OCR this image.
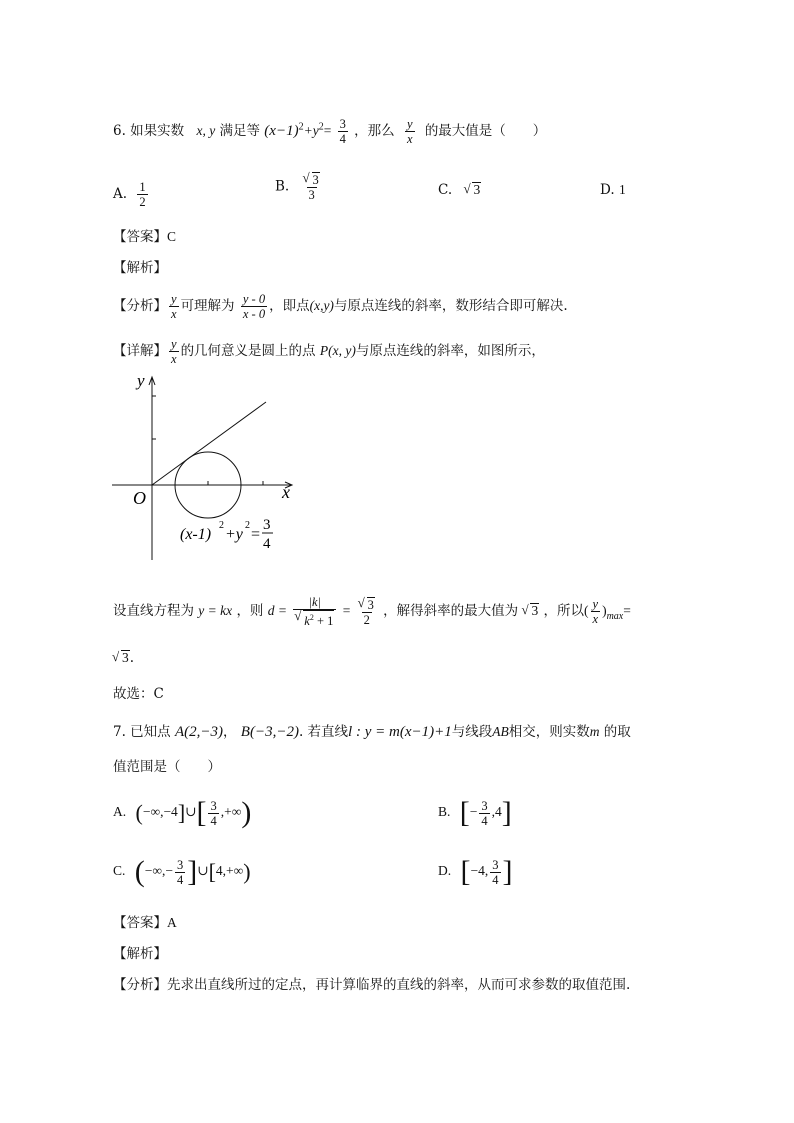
6. 如果实数 x, y 满足等 $(x-1)^2+y^2= \frac{3}{4}$ ，那么 $\frac{y}{x}$ 的最大值是（　　）
A. $\frac{1}{2}$	B. √ $\frac{3}{3}$	C. √ 3	D. 1
【答案】C
【解析】
【分析】 $\frac{y}{x}$ 可理解为 $\frac{y - 0}{x - 0}$ ，即点(x,y)与原点连线的斜率，数形结合即可解决.
【详解】 $\frac{y}{x}$ 的几何意义是圆上的点 P(x, y)与原点连线的斜率，如图所示，
y
x
O
(x-1)
2
+y
2
=
3
4
设直线方程为 y = kx ，则 d = |k|
√ $k^2 + 1$ = √ $\frac{3}{2}$ ，解得斜率的最大值为 √ 3 ，所以( $\frac{y}{x} )_{max}=$
√ 3.
故选：C
7. 已知点 A(2,−3)， B(−3,−2). 若直线l : y = m(x−1)+1与线段AB相交，则实数m 的取
值范围是（　　）
A. (−∞,−4]∪[ $\frac{3}{4}$ ,+∞)	B. [− $\frac{3}{4} ,4$]
C. (−∞,− $\frac{3}{4}$ ]∪[4,+∞)	D. [−4, $\frac{3}{4}$ ]
【答案】A
【解析】
【分析】先求出直线所过的定点，再计算临界的直线的斜率，从而可求参数的取值范围.
